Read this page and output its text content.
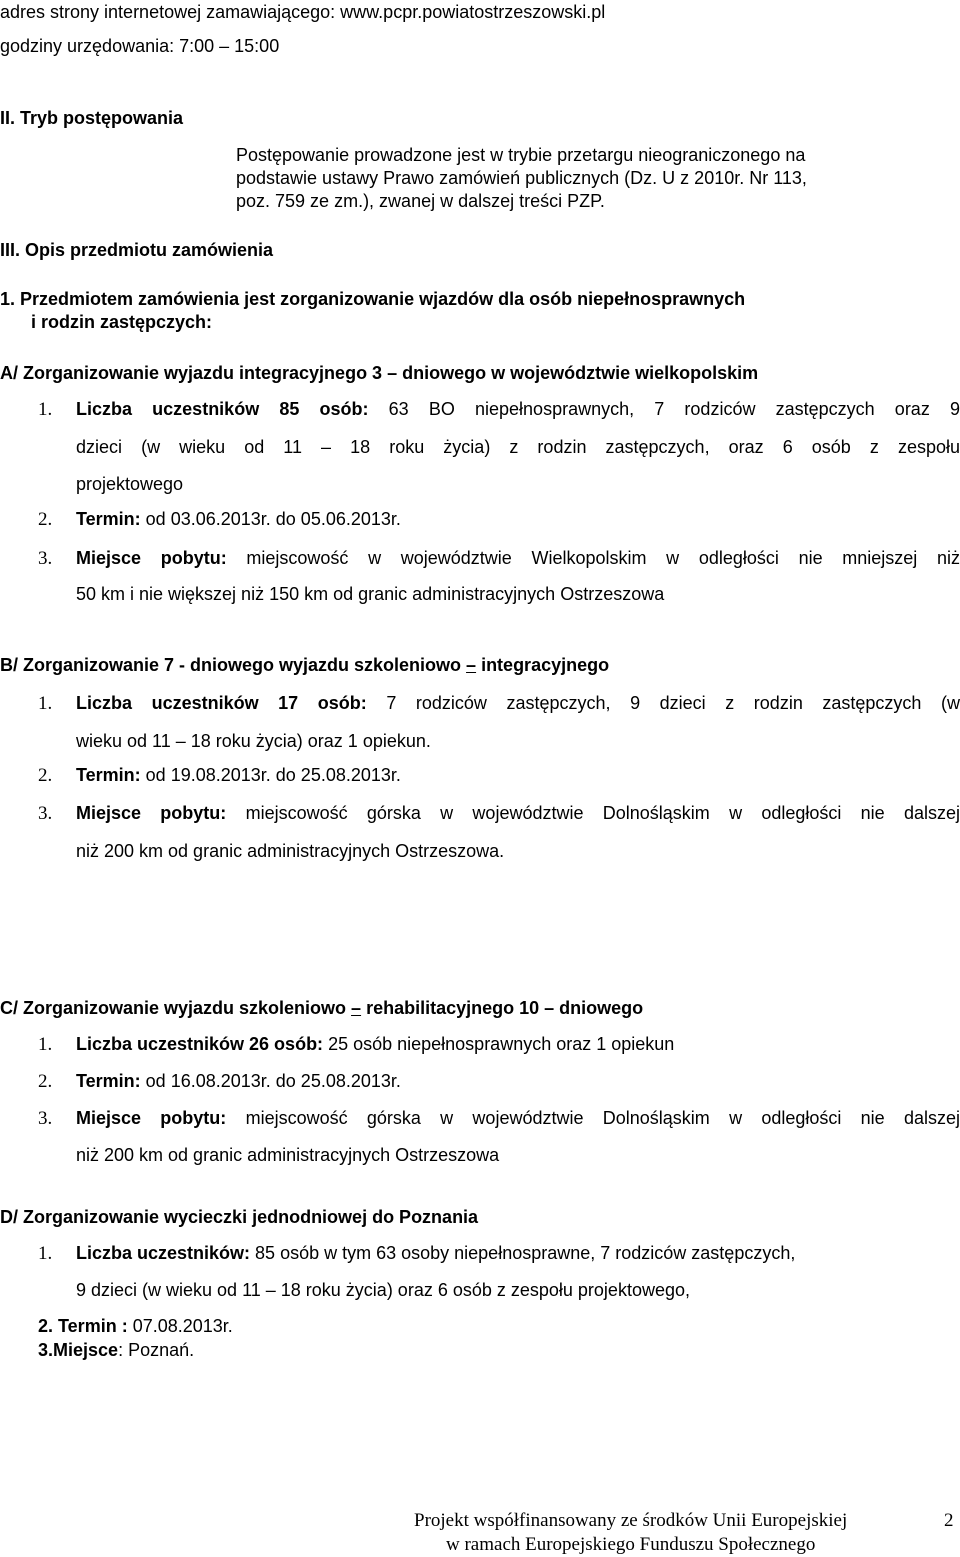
adres strony internetowej zamawiającego: www.pcpr.powiatostrzeszowski.pl
godziny urzędowania: 7:00 – 15:00
II. Tryb postępowania
Postępowanie prowadzone jest w trybie przetargu nieograniczonego na
podstawie ustawy Prawo zamówień publicznych (Dz. U z 2010r. Nr 113,
poz. 759 ze zm.), zwanej w dalszej treści PZP.
III. Opis przedmiotu zamówienia
1. Przedmiotem zamówienia jest zorganizowanie wjazdów dla osób niepełnosprawnych
i rodzin zastępczych:
A/ Zorganizowanie wyjazdu integracyjnego 3 – dniowego w województwie wielkopolskim
1. Liczba uczestników 85 osób: 63 BO niepełnosprawnych, 7 rodziców zastępczych oraz 9
dzieci (w wieku od 11 – 18 roku życia) z rodzin zastępczych, oraz 6 osób z zespołu
projektowego
2. Termin: od 03.06.2013r. do 05.06.2013r.
3. Miejsce pobytu: miejscowość w województwie Wielkopolskim w odległości nie mniejszej niż
50 km i nie większej niż 150 km od granic administracyjnych Ostrzeszowa
B/ Zorganizowanie 7 - dniowego wyjazdu szkoleniowo – integracyjnego
1. Liczba uczestników 17 osób: 7 rodziców zastępczych, 9 dzieci z rodzin zastępczych (w
wieku od 11 – 18 roku życia) oraz 1 opiekun.
2. Termin: od 19.08.2013r. do 25.08.2013r.
3. Miejsce pobytu: miejscowość górska w województwie Dolnośląskim w odległości nie dalszej
niż 200 km od granic administracyjnych Ostrzeszowa.
C/ Zorganizowanie wyjazdu szkoleniowo – rehabilitacyjnego 10 – dniowego
1. Liczba uczestników 26 osób: 25 osób niepełnosprawnych oraz 1 opiekun
2. Termin: od 16.08.2013r. do 25.08.2013r.
3. Miejsce pobytu: miejscowość górska w województwie Dolnośląskim w odległości nie dalszej
niż 200 km od granic administracyjnych Ostrzeszowa
D/ Zorganizowanie wycieczki jednodniowej do Poznania
1. Liczba uczestników: 85 osób w tym 63 osoby niepełnosprawne, 7 rodziców zastępczych,
9 dzieci (w wieku od 11 – 18 roku życia) oraz 6 osób z zespołu projektowego,
2. Termin : 07.08.2013r.
3.Miejsce: Poznań.
Projekt współfinansowany ze środków Unii Europejskiej
w ramach Europejskiego Funduszu Społecznego
2
